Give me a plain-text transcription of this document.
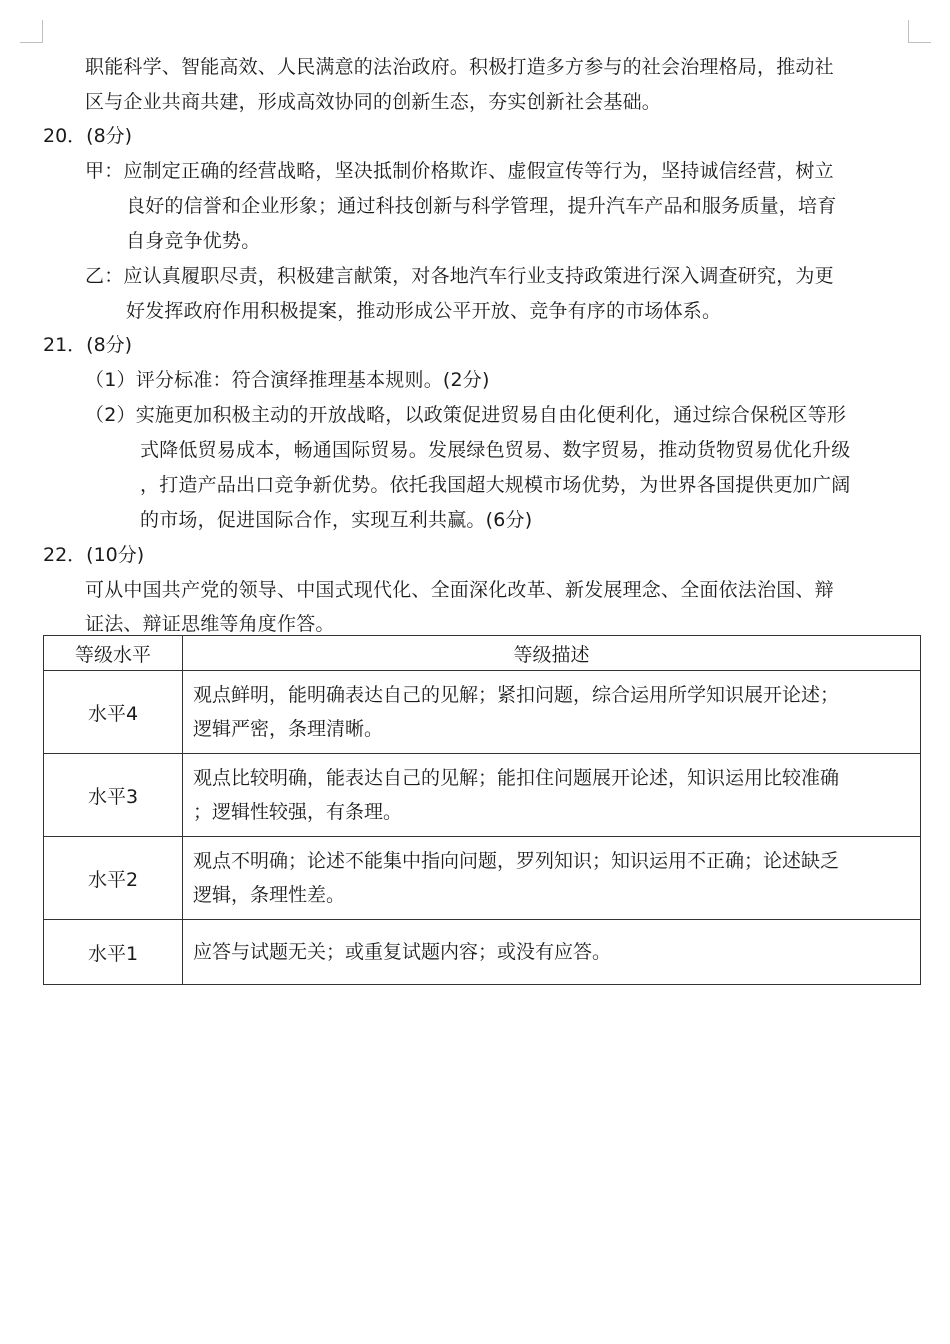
职能科学、智能高效、人民满意的法治政府。积极打造多方参与的社会治理格局，推动社
区与企业共商共建，形成高效协同的创新生态，夯实创新社会基础。
20．(8分)
甲：应制定正确的经营战略，坚决抵制价格欺诈、虚假宣传等行为，坚持诚信经营，树立
良好的信誉和企业形象；通过科技创新与科学管理，提升汽车产品和服务质量，培育
自身竞争优势。
乙：应认真履职尽责，积极建言献策，对各地汽车行业支持政策进行深入调查研究，为更
好发挥政府作用积极提案，推动形成公平开放、竞争有序的市场体系。
21．(8分)
（1）评分标准：符合演绎推理基本规则。(2分)
（2）实施更加积极主动的开放战略，以政策促进贸易自由化便利化，通过综合保税区等形
式降低贸易成本，畅通国际贸易。发展绿色贸易、数字贸易，推动货物贸易优化升级
，打造产品出口竞争新优势。依托我国超大规模市场优势，为世界各国提供更加广阔
的市场，促进国际合作，实现互利共赢。(6分)
22．(10分)
可从中国共产党的领导、中国式现代化、全面深化改革、新发展理念、全面依法治国、辩
证法、辩证思维等角度作答。
等级水平	等级描述
水平4	观点鲜明，能明确表达自己的见解；紧扣问题，综合运用所学知识展开论述；
逻辑严密，条理清晰。

水平3	观点比较明确，能表达自己的见解；能扣住问题展开论述，知识运用比较准确
；逻辑性较强，有条理。

水平2	观点不明确；论述不能集中指向问题，罗列知识；知识运用不正确；论述缺乏
逻辑，条理性差。

水平1	应答与试题无关；或重复试题内容；或没有应答。
